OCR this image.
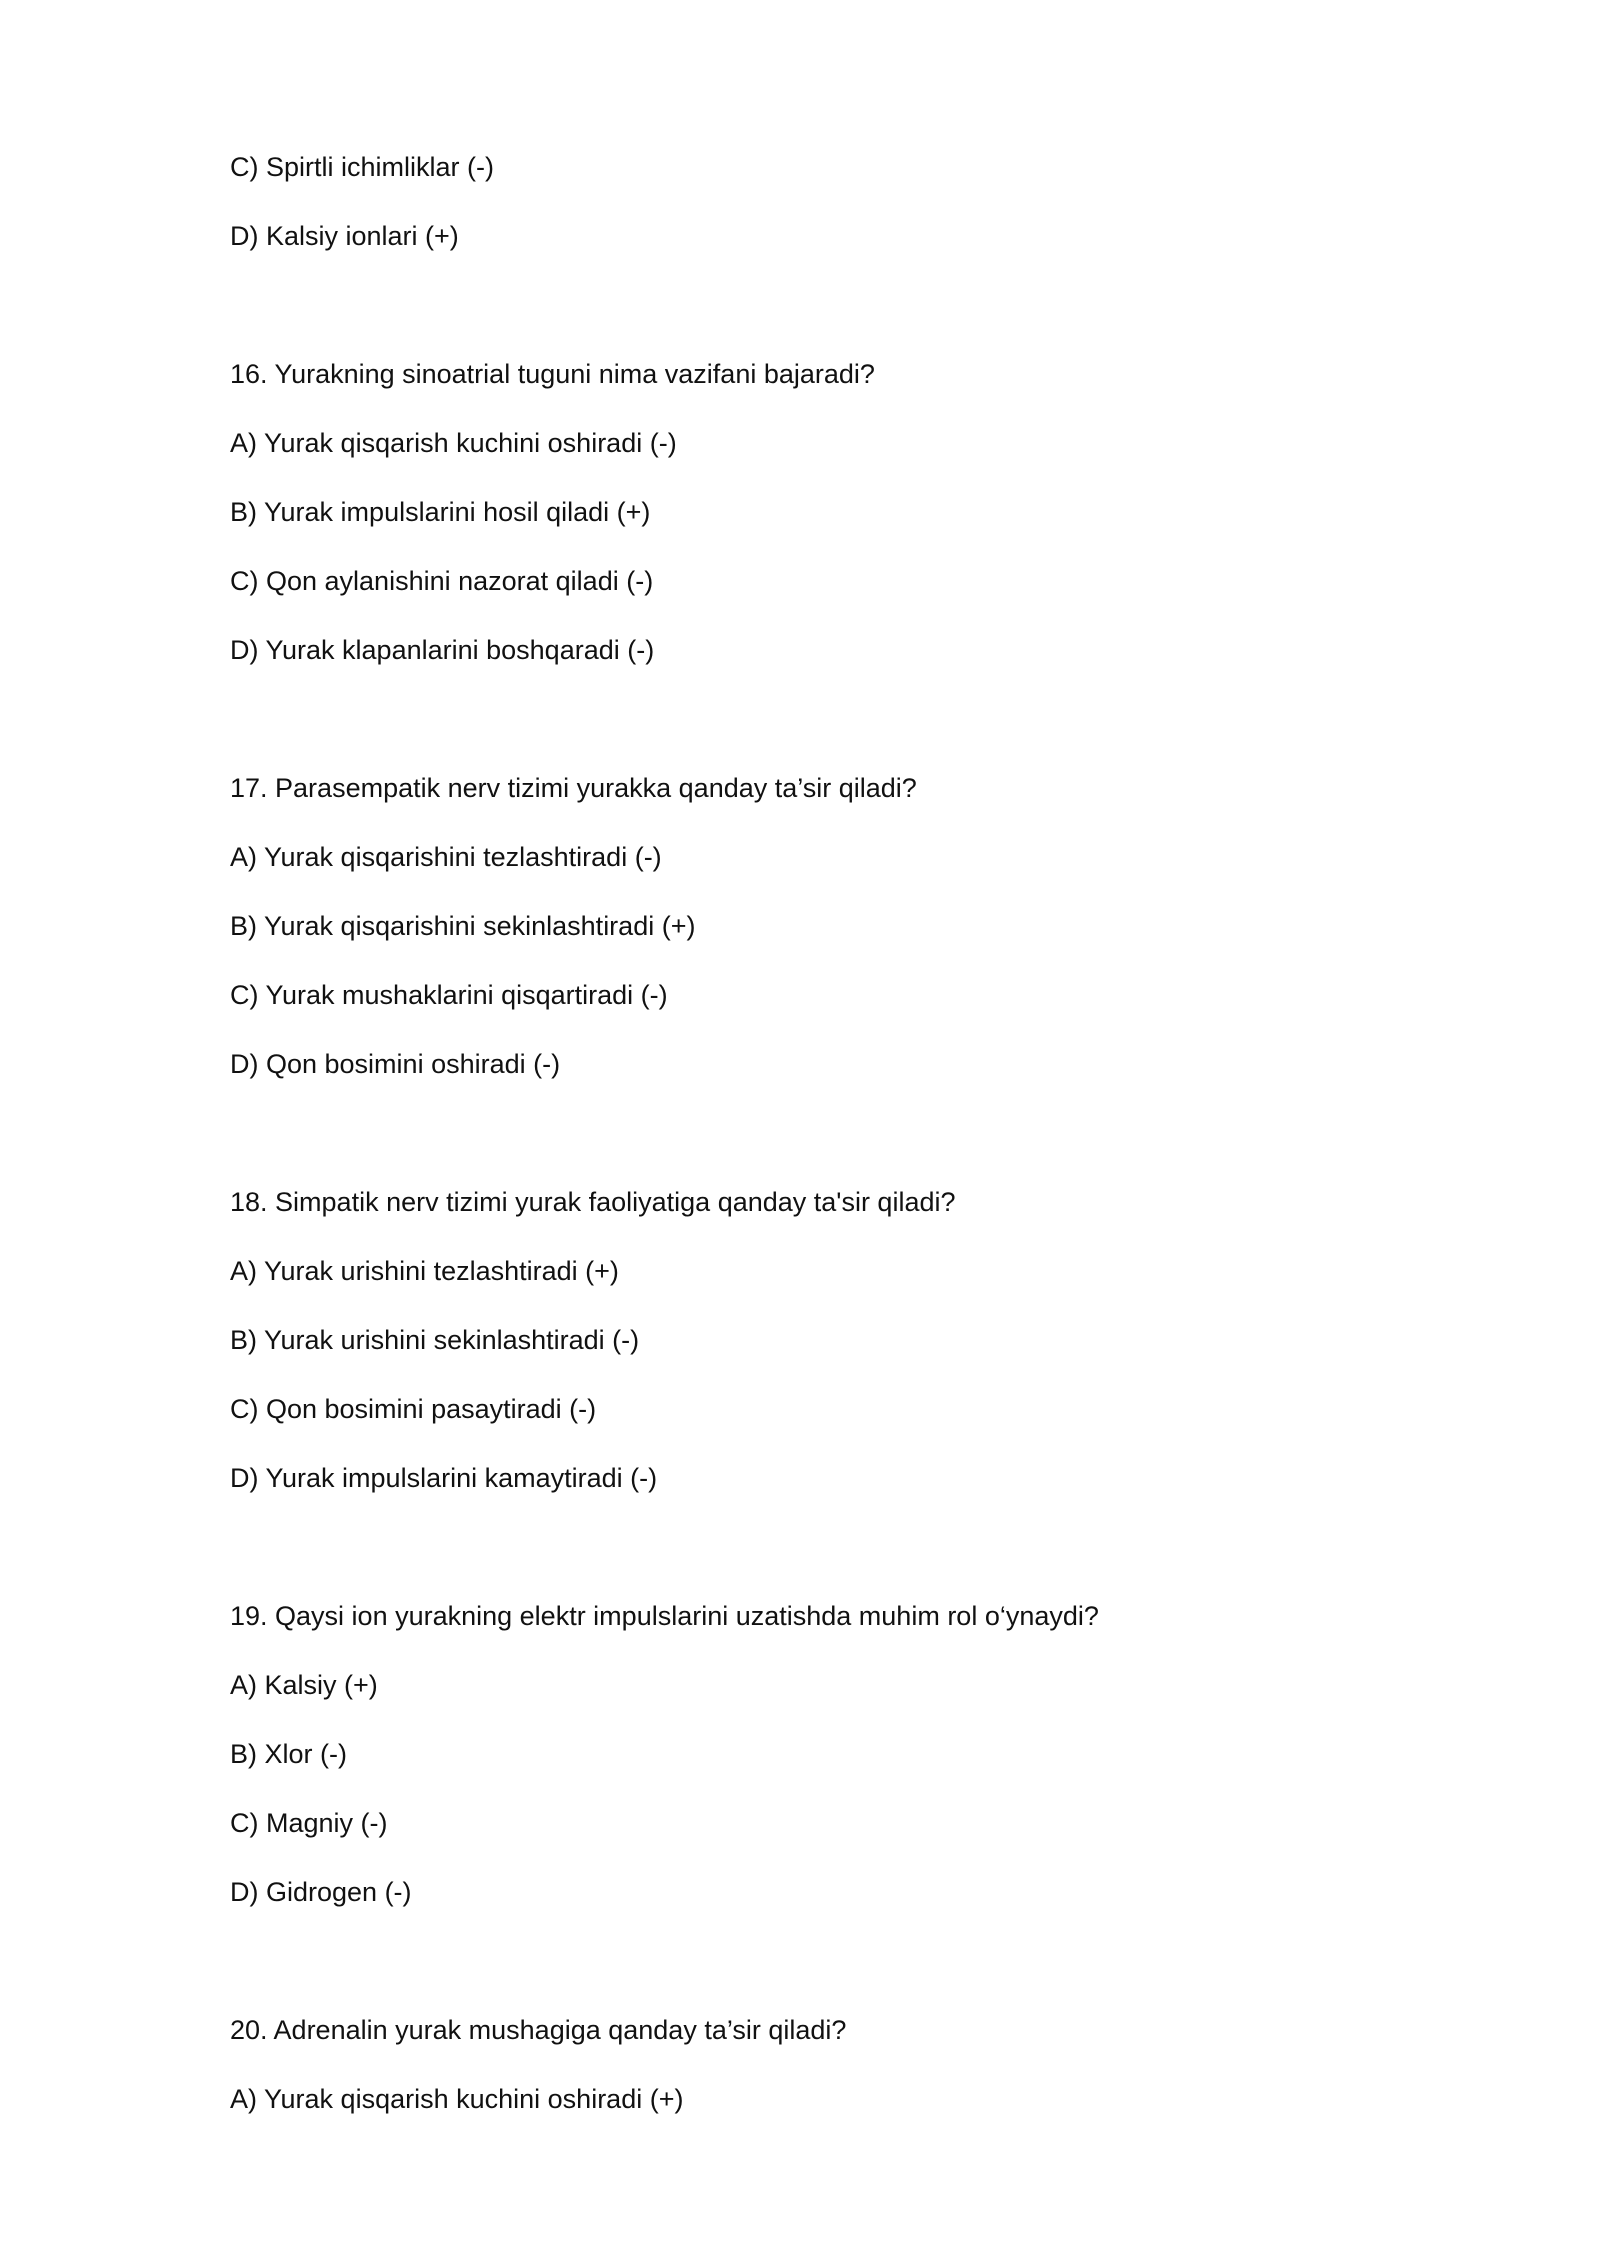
C) Spirtli ichimliklar (-)

D) Kalsiy ionlari (+)

16. Yurakning sinoatrial tuguni nima vazifani bajaradi?

A) Yurak qisqarish kuchini oshiradi (-)

B) Yurak impulslarini hosil qiladi (+)

C) Qon aylanishini nazorat qiladi (-)

D) Yurak klapanlarini boshqaradi (-)

17. Parasempatik nerv tizimi yurakka qanday ta’sir qiladi?

A) Yurak qisqarishini tezlashtiradi (-)

B) Yurak qisqarishini sekinlashtiradi (+)

C) Yurak mushaklarini qisqartiradi (-)

D) Qon bosimini oshiradi (-)

18. Simpatik nerv tizimi yurak faoliyatiga qanday ta'sir qiladi?

A) Yurak urishini tezlashtiradi (+)

B) Yurak urishini sekinlashtiradi (-)

C) Qon bosimini pasaytiradi (-)

D) Yurak impulslarini kamaytiradi (-)

19. Qaysi ion yurakning elektr impulslarini uzatishda muhim rol o‘ynaydi?

A) Kalsiy (+)

B) Xlor (-)

C) Magniy (-)

D) Gidrogen (-)

20. Adrenalin yurak mushagiga qanday ta’sir qiladi?

A) Yurak qisqarish kuchini oshiradi (+)
